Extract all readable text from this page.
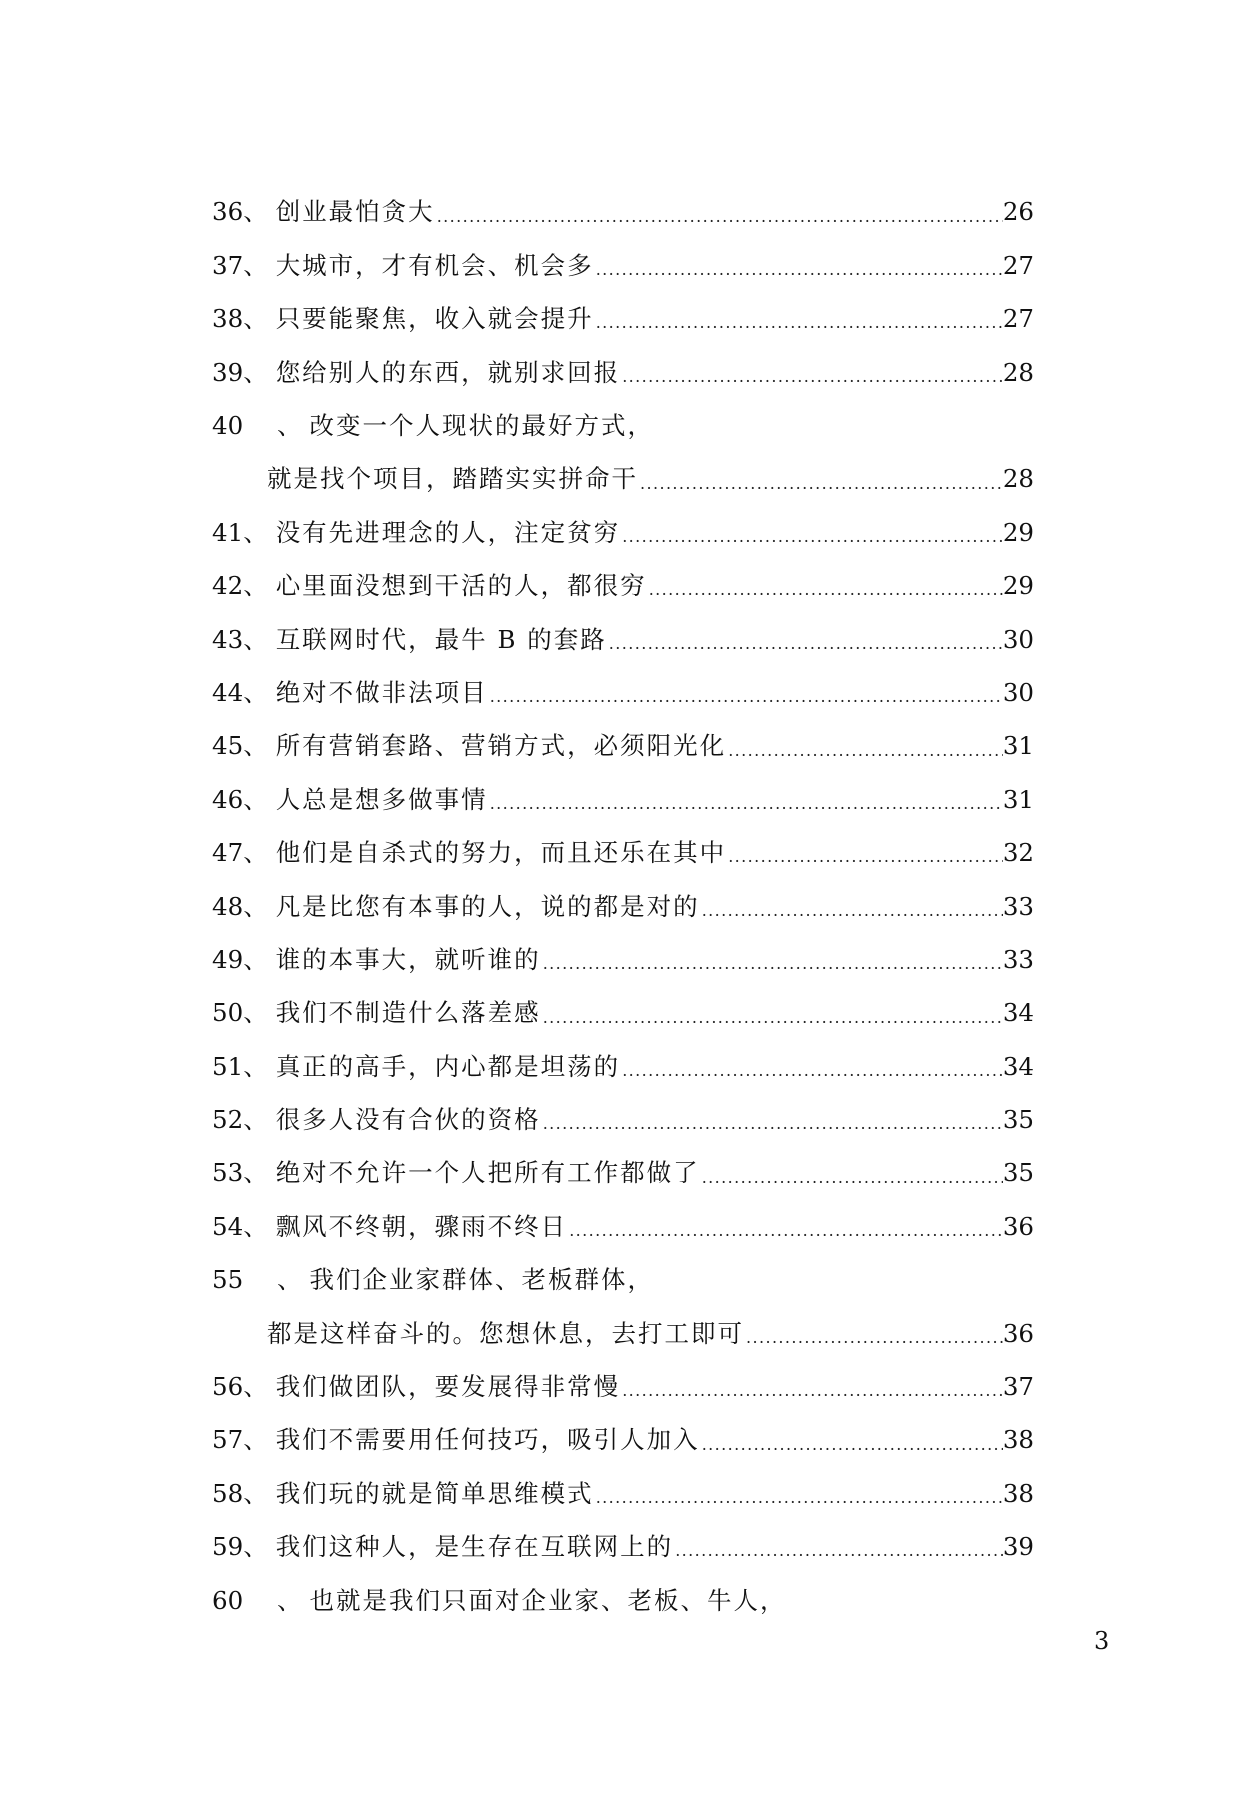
36 、 创业最怕贪大 .....	26
37 、 大城市，才有机会、机会多 .....	27
38 、 只要能聚焦，收入就会提升 .....	27
39 、 您给别人的东西，就别求回报 .....	28
40	、 改变一个人现状的最好方式，
就是找个项目，踏踏实实拼命干 .....	28
41 、 没有先进理念的人，注定贫穷 .....	29
42 、 心里面没想到干活的人，都很穷 .....	29
43 、 互联网时代，最牛 B 的套路 .....	30
44 、 绝对不做非法项目 .....	30
45 、 所有营销套路、营销方式，必须阳光化 .....	31
46 、 人总是想多做事情 .....	31
47 、 他们是自杀式的努力，而且还乐在其中 .....	32
48 、 凡是比您有本事的人，说的都是对的 .....	33
49 、 谁的本事大，就听谁的 .....	33
50 、 我们不制造什么落差感 .....	34
51 、 真正的高手，内心都是坦荡的 .....	34
52 、 很多人没有合伙的资格 .....	35
53 、 绝对不允许一个人把所有工作都做了 .....	35
54 、 飘风不终朝，骤雨不终日 .....	36
55	、 我们企业家群体、老板群体，
都是这样奋斗的。您想休息，去打工即可 .....	36
56 、 我们做团队，要发展得非常慢 .....	37
57 、 我们不需要用任何技巧，吸引人加入 .....	38
58 、 我们玩的就是简单思维模式 .....	38
59 、 我们这种人，是生存在互联网上的 .....	39
60	、 也就是我们只面对企业家、老板、牛人，
3
